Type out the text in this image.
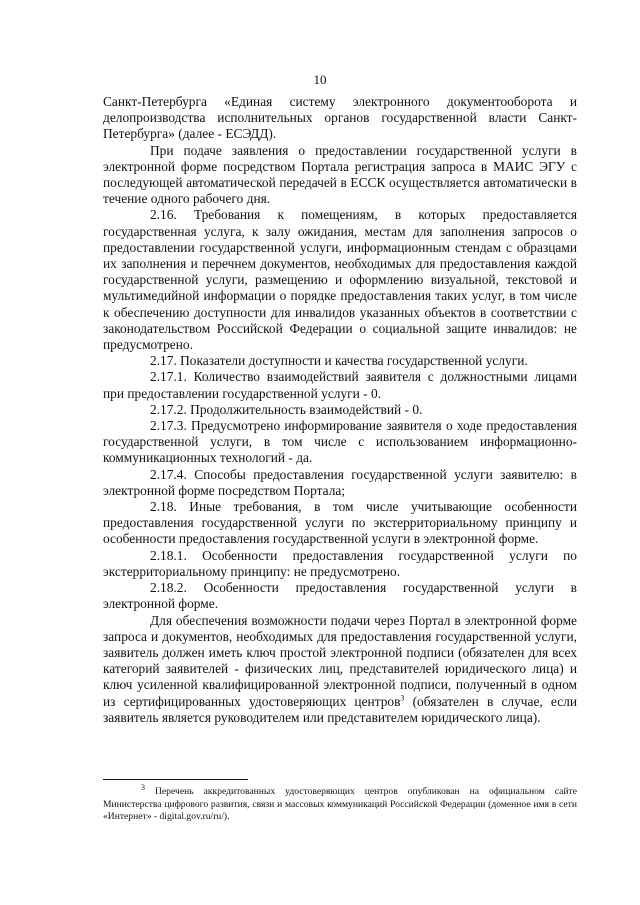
10

Санкт-Петербурга «Единая систему электронного документооборота и делопроизводства исполнительных органов государственной власти Санкт-Петербурга» (далее - ЕСЭДД).

При подаче заявления о предоставлении государственной услуги в электронной форме посредством Портала регистрация запроса в МАИС ЭГУ с последующей автоматической передачей в ЕССК осуществляется автоматически в течение одного рабочего дня.

2.16. Требования к помещениям, в которых предоставляется государственная услуга, к залу ожидания, местам для заполнения запросов о предоставлении государственной услуги, информационным стендам с образцами их заполнения и перечнем документов, необходимых для предоставления каждой государственной услуги, размещению и оформлению визуальной, текстовой и мультимедийной информации о порядке предоставления таких услуг, в том числе к обеспечению доступности для инвалидов указанных объектов в соответствии с законодательством Российской Федерации о социальной защите инвалидов: не предусмотрено.

2.17. Показатели доступности и качества государственной услуги.

2.17.1. Количество взаимодействий заявителя с должностными лицами при предоставлении государственной услуги - 0.

2.17.2. Продолжительность взаимодействий - 0.

2.17.3. Предусмотрено информирование заявителя о ходе предоставления государственной услуги, в том числе с использованием информационно-коммуникационных технологий - да.

2.17.4. Способы предоставления государственной услуги заявителю: в электронной форме посредством Портала;

2.18. Иные требования, в том числе учитывающие особенности предоставления государственной услуги по экстерриториальному принципу и особенности предоставления государственной услуги в электронной форме.

2.18.1. Особенности предоставления государственной услуги по экстерриториальному принципу: не предусмотрено.

2.18.2. Особенности предоставления государственной услуги в электронной форме.

Для обеспечения возможности подачи через Портал в электронной форме запроса и документов, необходимых для предоставления государственной услуги, заявитель должен иметь ключ простой электронной подписи (обязателен для всех категорий заявителей - физических лиц, представителей юридического лица) и ключ усиленной квалифицированной электронной подписи, полученный в одном из сертифицированных удостоверяющих центров$^3$ (обязателен в случае, если заявитель является руководителем или представителем юридического лица).

$^3$ Перечень аккредитованных удостоверяющих центров опубликован на официальном сайте Министерства цифрового развития, связи и массовых коммуникаций Российской Федерации (доменное имя в сети «Интернет» - digital.gov.ru/ru/).
